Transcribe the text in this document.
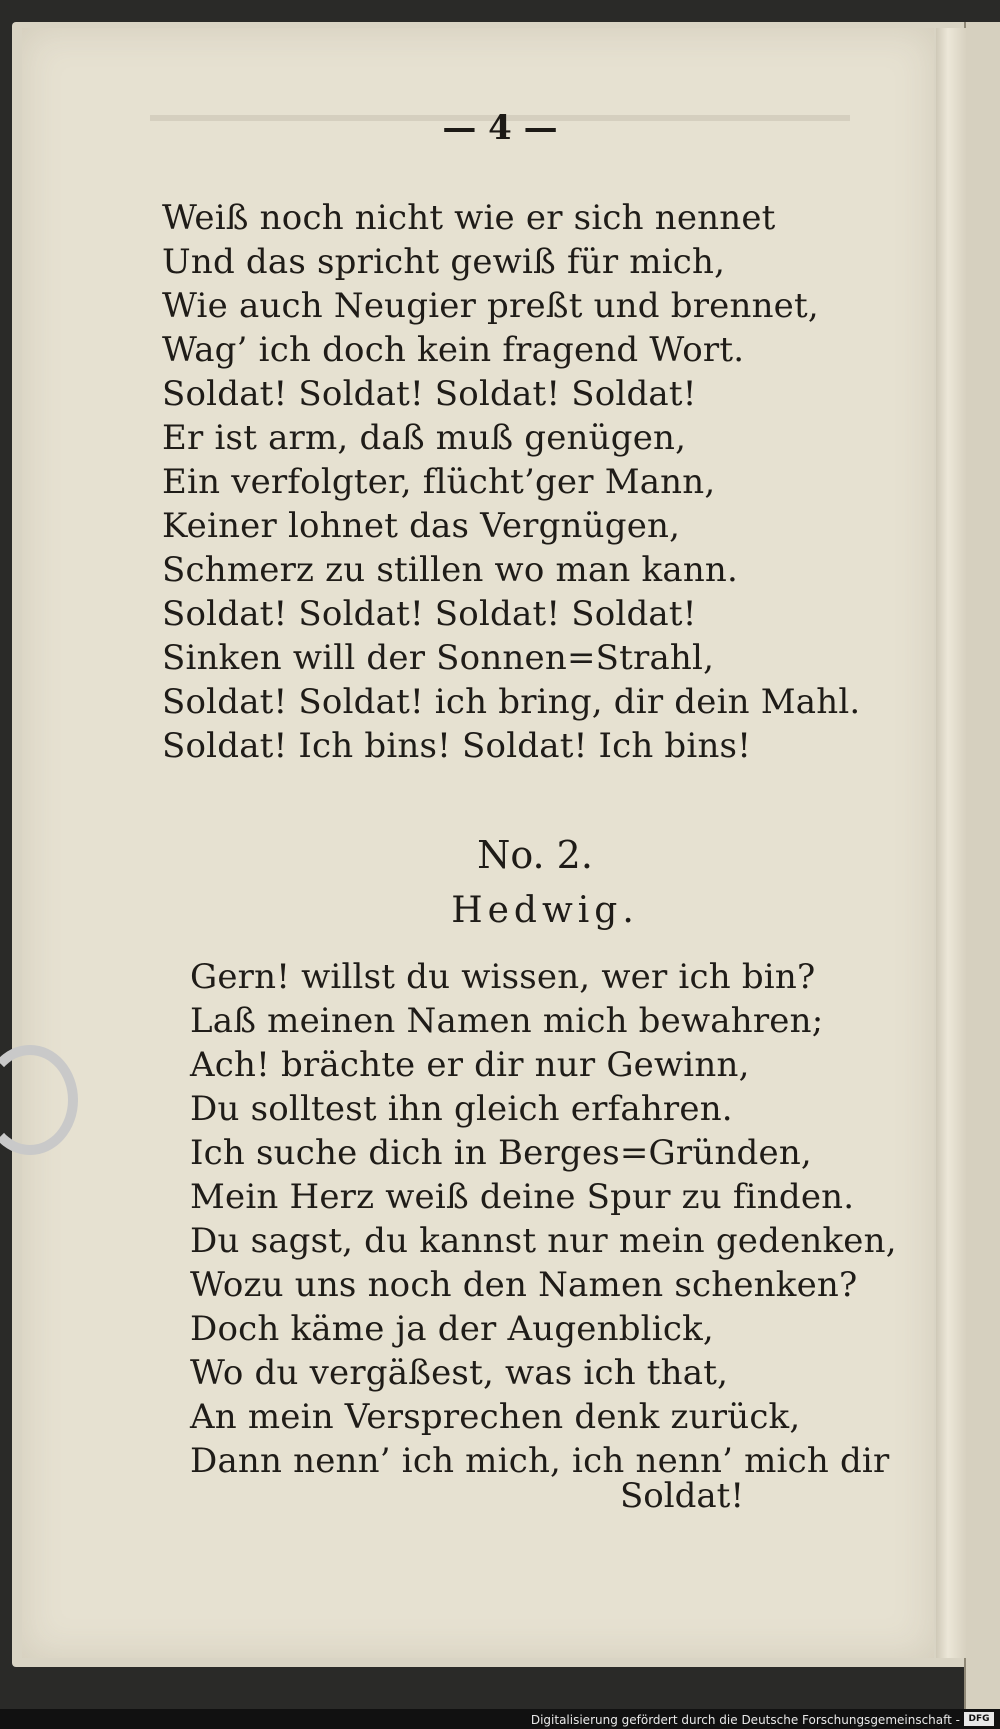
— 4 —
Weiß noch nicht wie er sich nennet
Und das spricht gewiß für mich,
Wie auch Neugier preßt und brennet,
Wag’ ich doch kein fragend Wort.
Soldat! Soldat! Soldat! Soldat!
Er ist arm, daß muß genügen,
Ein verfolgter, flücht’ger Mann,
Keiner lohnet das Vergnügen,
Schmerz zu stillen wo man kann.
Soldat! Soldat! Soldat! Soldat!
Sinken will der Sonnen=Strahl,
Soldat! Soldat! ich bring, dir dein Mahl.
Soldat! Ich bins! Soldat! Ich bins!
No. 2.
Hedwig.
Gern! willst du wissen, wer ich bin?
Laß meinen Namen mich bewahren;
Ach! brächte er dir nur Gewinn,
Du solltest ihn gleich erfahren.
Ich suche dich in Berges=Gründen,
Mein Herz weiß deine Spur zu finden.
Du sagst, du kannst nur mein gedenken,
Wozu uns noch den Namen schenken?
Doch käme ja der Augenblick,
Wo du vergäßest, was ich that,
An mein Versprechen denk zurück,
Dann nenn’ ich mich, ich nenn’ mich dir
Soldat!
Digitalisierung gefördert durch die Deutsche Forschungsgemeinschaft - DFG
